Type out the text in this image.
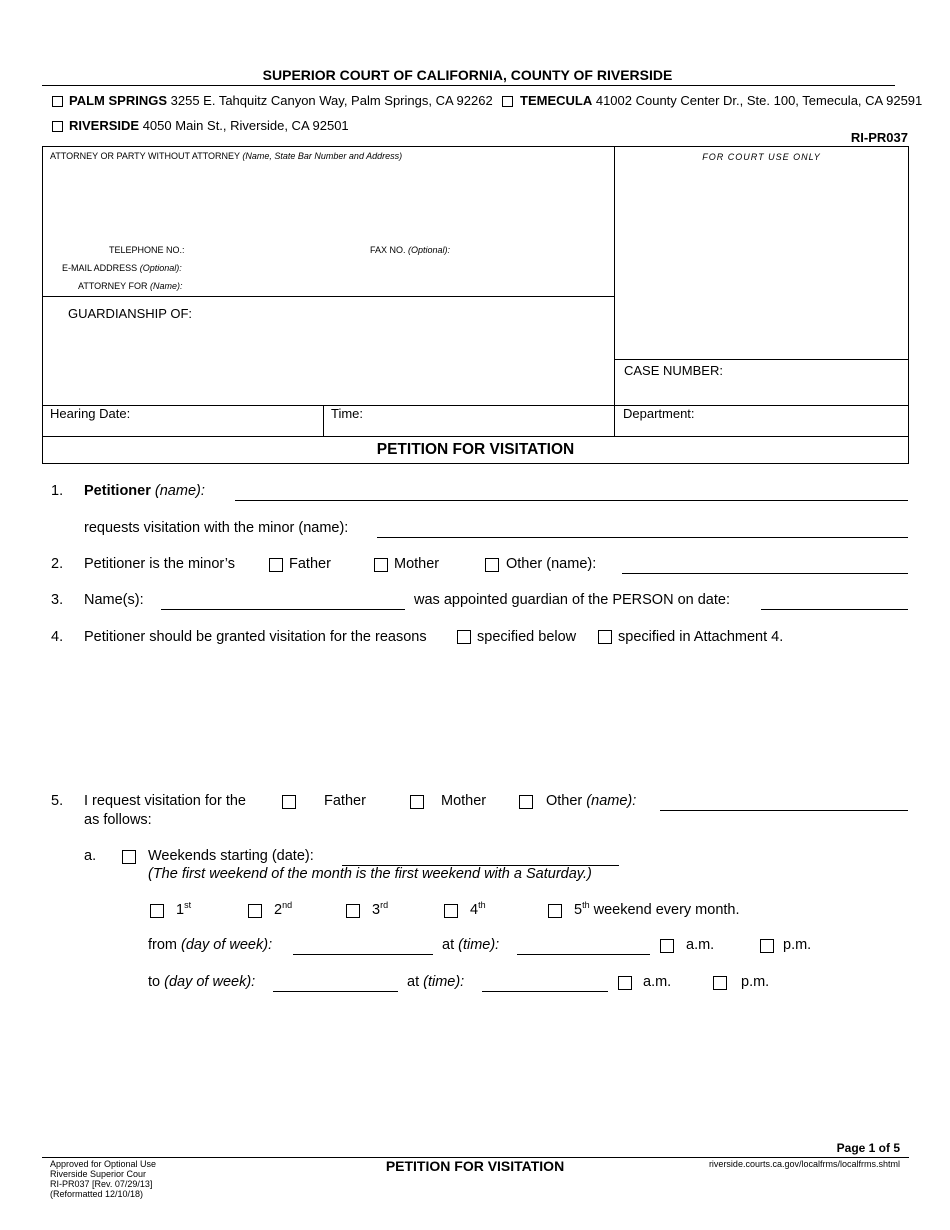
SUPERIOR COURT OF CALIFORNIA, COUNTY OF RIVERSIDE
PALM SPRINGS 3255 E. Tahquitz Canyon Way, Palm Springs, CA 92262 TEMECULA 41002 County Center Dr., Ste. 100, Temecula, CA 92591
RIVERSIDE 4050 Main St., Riverside, CA 92501
RI-PR037
ATTORNEY OR PARTY WITHOUT ATTORNEY (Name, State Bar Number and Address)	FOR COURT USE ONLY
TELEPHONE NO.:	FAX NO. (Optional):
E-MAIL ADDRESS (Optional):
ATTORNEY FOR (Name):
GUARDIANSHIP OF:
CASE NUMBER:
Hearing Date:	Time:	Department:
PETITION FOR VISITATION
1. Petitioner (name):
requests visitation with the minor (name):
2. Petitioner is the minor’s	Father	Mother	Other (name):
3. Name(s):	was appointed guardian of the PERSON on date:
4. Petitioner should be granted visitation for the reasons	specified below	specified in Attachment 4.
5. I request visitation for the
as follows:
Father	Mother	Other (name):
a.	Weekends starting (date):
(The first weekend of the month is the first weekend with a Saturday.)
1st	2nd	3rd	4th	5th weekend every month.
from (day of week):	at (time):	a.m.	p.m.
to (day of week):	at (time):	a.m.	p.m.
Page 1 of 5
Approved for Optional Use
Riverside Superior Cour
RI-PR037 [Rev. 07/29/13]
(Reformatted 12/10/18)
PETITION FOR VISITATION	riverside.courts.ca.gov/localfrms/localfrms.shtml
